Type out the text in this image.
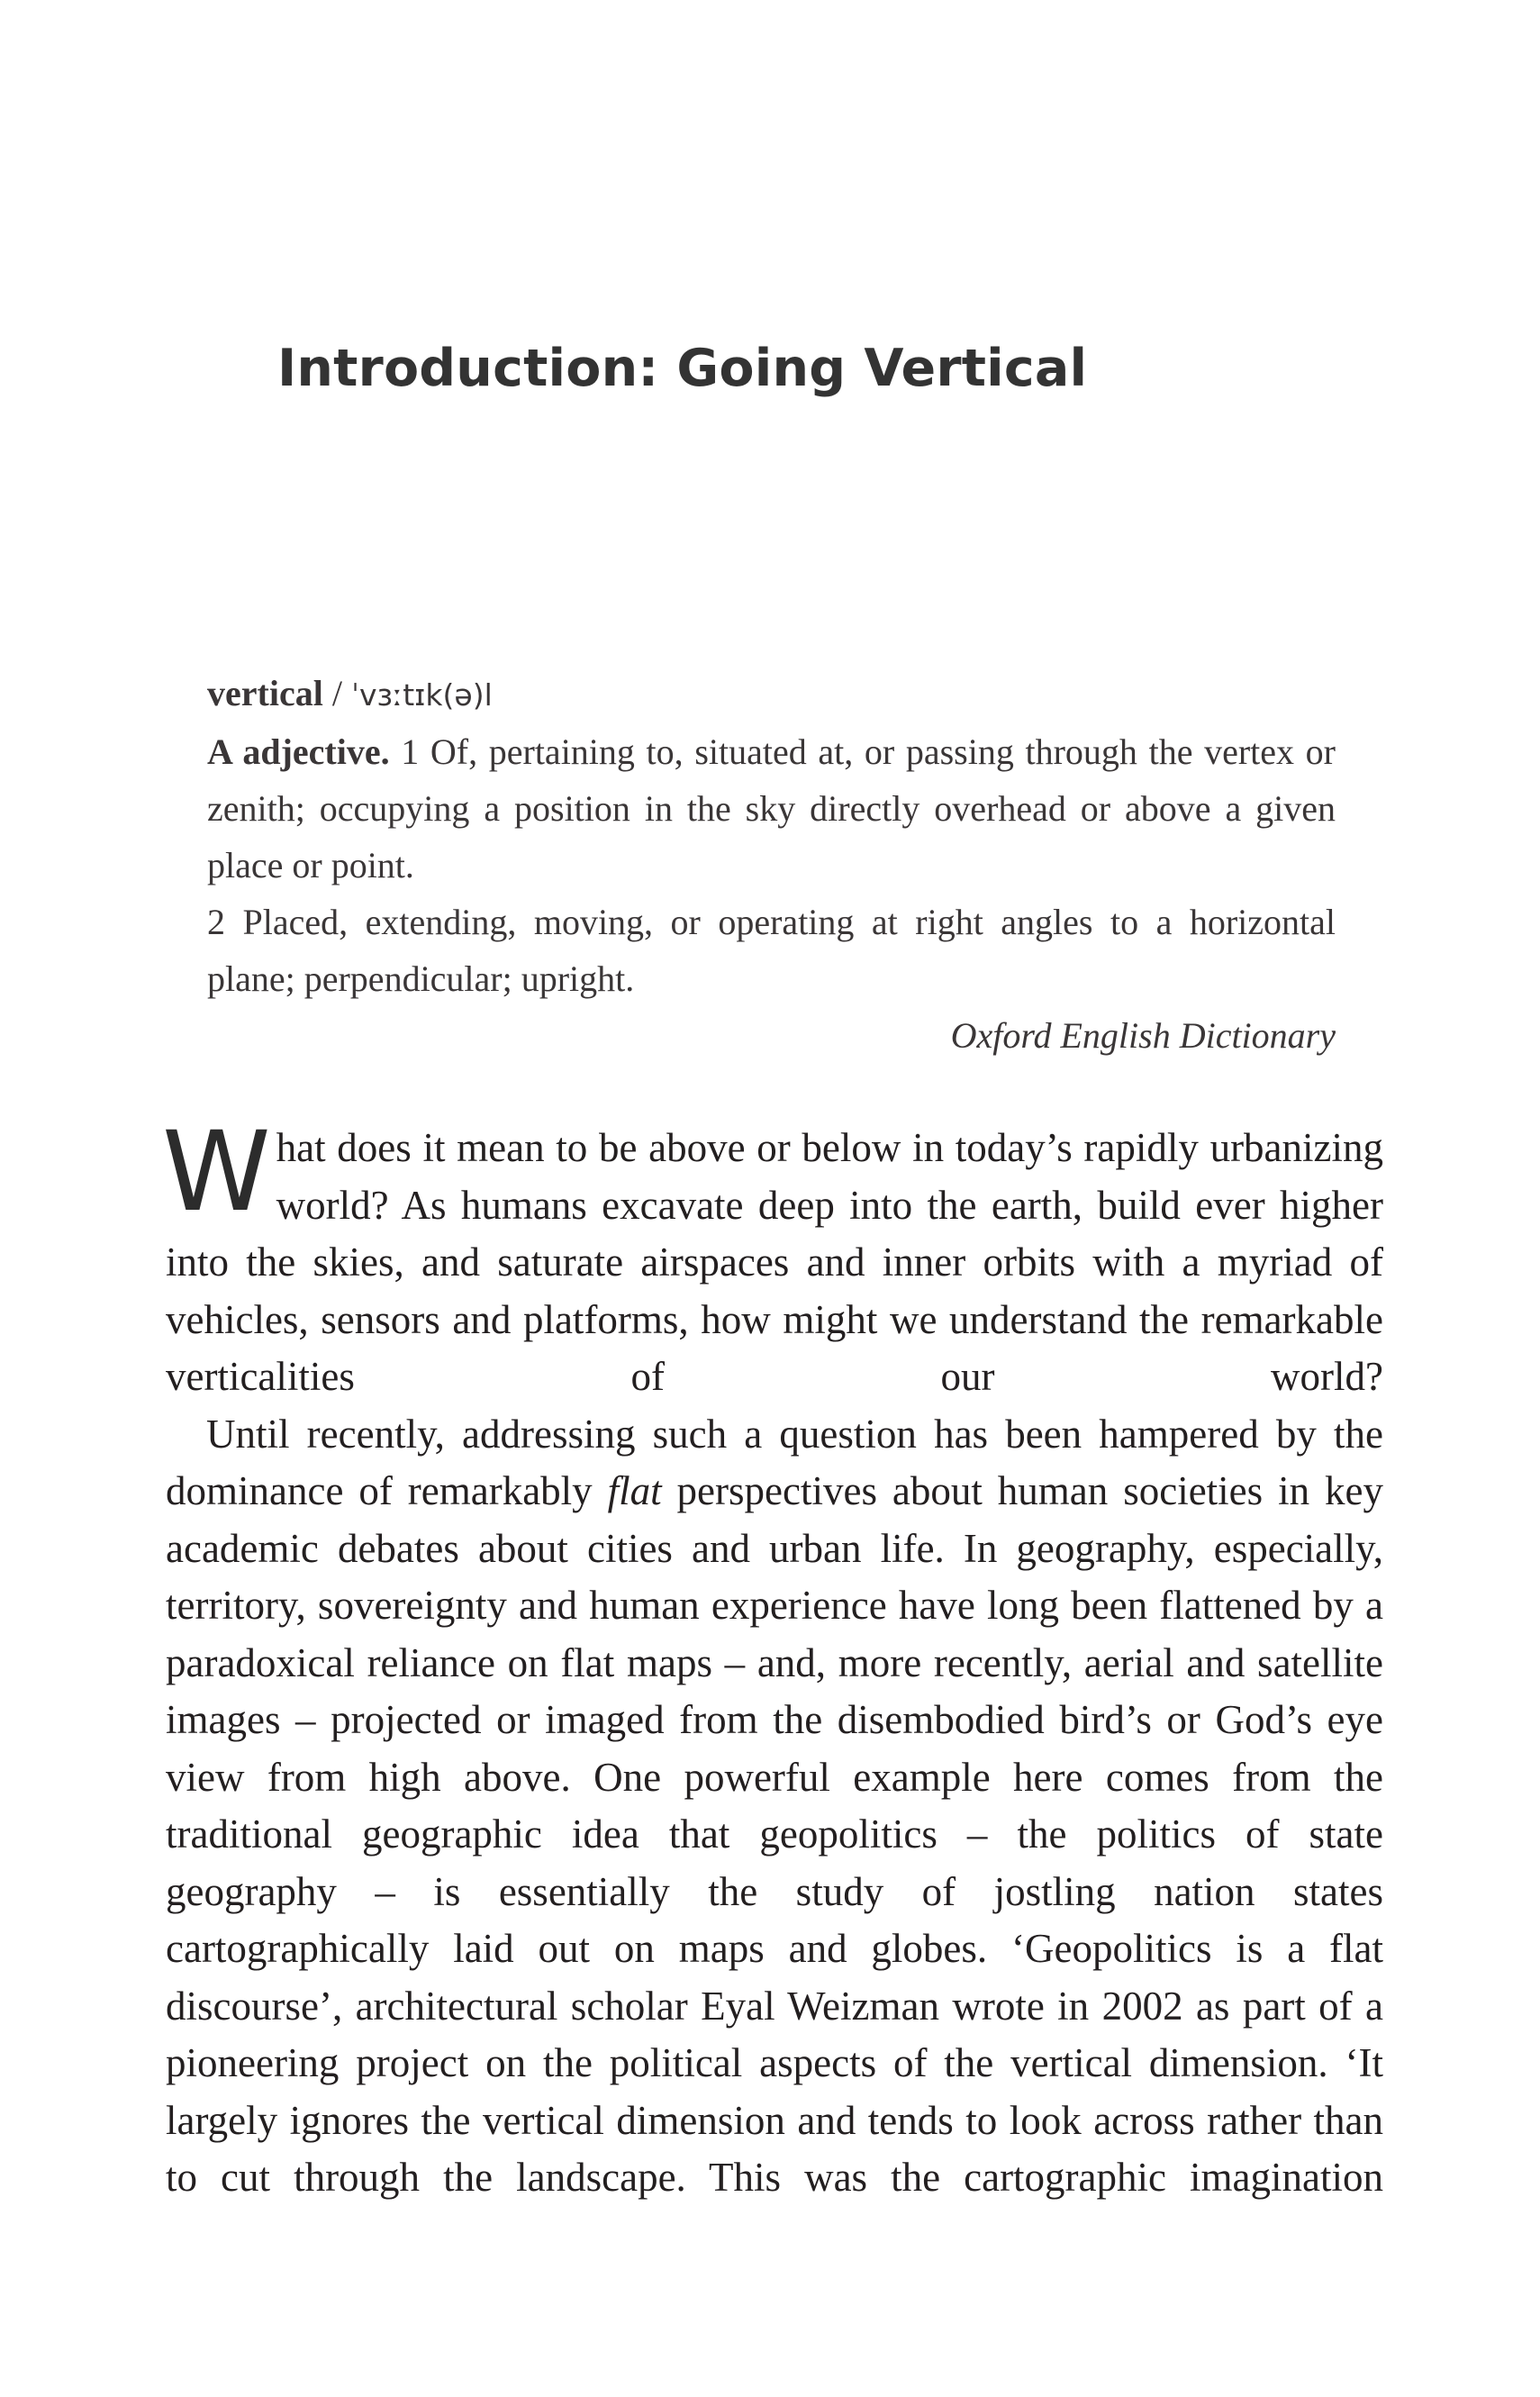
Introduction: Going Vertical

vertical / ˈvɜːtɪk(ə)l

A adjective. 1 Of, pertaining to, situated at, or passing through the vertex or zenith; occupying a position in the sky directly overhead or above a given place or point.

2 Placed, extending, moving, or operating at right angles to a horizontal plane; perpendicular; upright.

Oxford English Dictionary

What does it mean to be above or below in today’s rapidly urbanizing world? As humans excavate deep into the earth, build ever higher into the skies, and saturate airspaces and inner orbits with a myriad of vehicles, sensors and platforms, how might we understand the remarkable verticalities of our world?

Until recently, addressing such a question has been hampered by the dominance of remarkably flat perspectives about human societies in key academic debates about cities and urban life. In geography, especially, territory, sovereignty and human experience have long been flattened by a paradoxical reliance on flat maps – and, more recently, aerial and satellite images – projected or imaged from the disembodied bird’s or God’s eye view from high above. One powerful example here comes from the traditional geographic idea that geopolitics – the politics of state geography – is essentially the study of jostling nation states cartographically laid out on maps and globes. ‘Geopolitics is a flat discourse’, architectural scholar Eyal Weizman wrote in 2002 as part of a pioneering project on the political aspects of the vertical dimension. ‘It largely ignores the vertical dimension and tends to look across rather than to cut through the landscape. This was the cartographic imagination
